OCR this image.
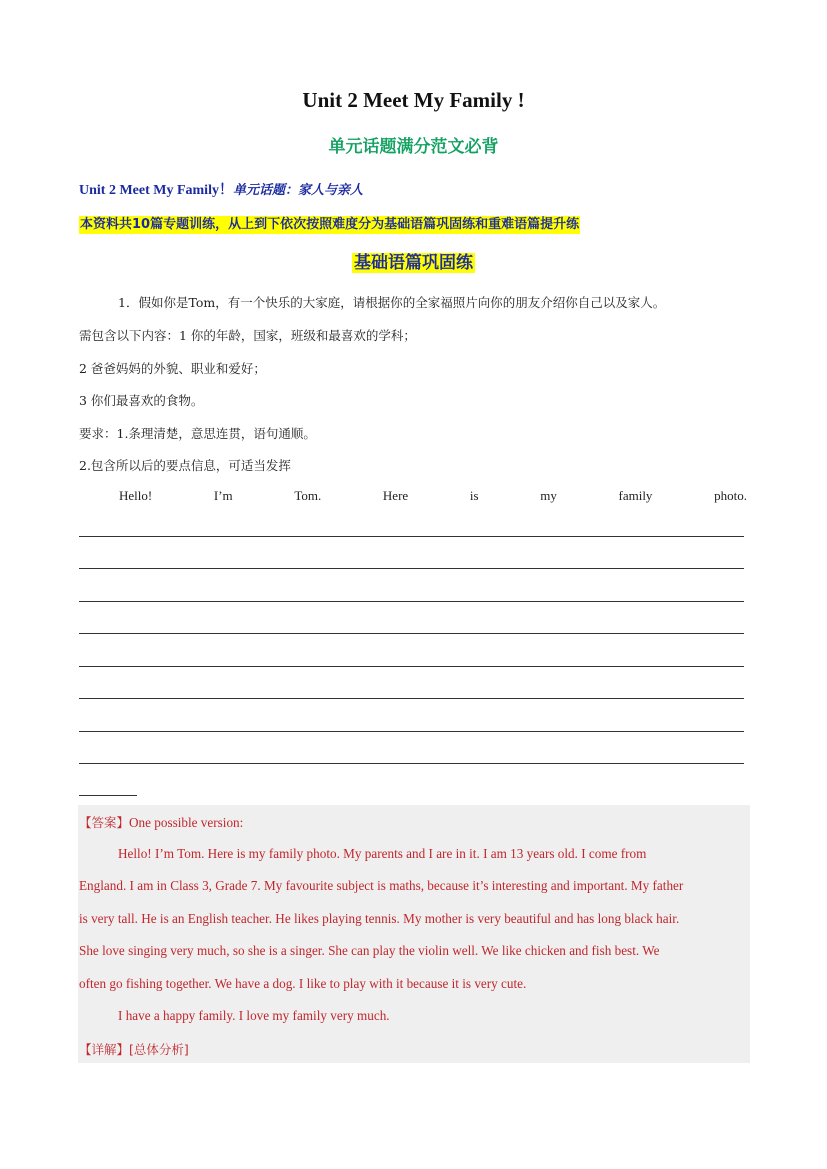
Unit 2 Meet My Family !
单元话题满分范文必背
Unit 2 Meet My Family！单元话题：家人与亲人
本资料共10篇专题训练，从上到下依次按照难度分为基础语篇巩固练和重难语篇提升练
基础语篇巩固练
1．假如你是Tom，有一个快乐的大家庭，请根据你的全家福照片向你的朋友介绍你自己以及家人。
需包含以下内容：1 你的年龄，国家，班级和最喜欢的学科；
2 爸爸妈妈的外貌、职业和爱好；
3 你们最喜欢的食物。
要求：1.条理清楚，意思连贯，语句通顺。
2.包含所以后的要点信息，可适当发挥
Hello!	I’m	Tom.	Here	is	my	family	photo.
【答案】One possible version:
Hello! I’m Tom. Here is my family photo. My parents and I are in it. I am 13 years old. I come from
England. I am in Class 3, Grade 7. My favourite subject is maths, because it’s interesting and important. My father
is very tall. He is an English teacher. He likes playing tennis. My mother is very beautiful and has long black hair.
She love singing very much, so she is a singer. She can play the violin well. We like chicken and fish best. We
often go fishing together. We have a dog. I like to play with it because it is very cute.
I have a happy family. I love my family very much.
【详解】[总体分析]
